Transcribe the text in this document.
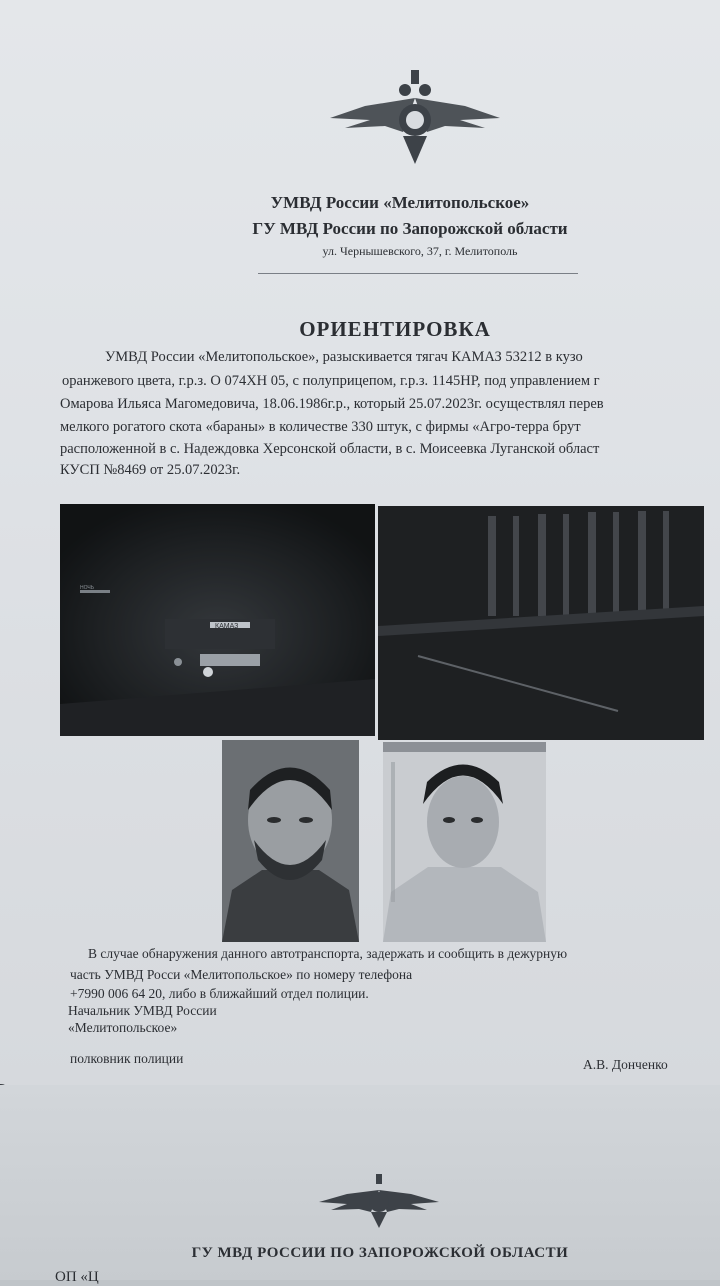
УМВД России «Мелитопольское»
ГУ МВД России по Запорожской области
ул. Чернышевского, 37, г. Мелитополь
ОРИЕНТИРОВКА
УМВД России «Мелитопольское», разыскивается тягач КАМАЗ 53212 в кузо
оранжевого цвета, г.р.з. О 074ХН 05, с полуприцепом, г.р.з. 1145НР, под управлением г
Омарова Ильяса Магомедовича, 18.06.1986г.р., который 25.07.2023г. осуществлял перев
мелкого рогатого скота «бараны» в количестве 330 штук, с фирмы «Агро-терра брут
расположенной в с. Надеждовка Херсонской области, в с. Моисеевка Луганской област
КУСП №8469 от 25.07.2023г.
КАМАЗ
НОЧЬ
В случае обнаружения данного автотранспорта, задержать и сообщить в дежурную
часть УМВД Росси «Мелитопольское» по номеру телефона
+7990 006 64 20, либо в ближайший отдел полиции.
Начальник УМВД России
«Мелитопольское»
полковник полиции	А.В. Донченко
ГУ МВД РОССИИ ПО ЗАПОРОЖСКОЙ ОБЛАСТИ
ОП «Ц
